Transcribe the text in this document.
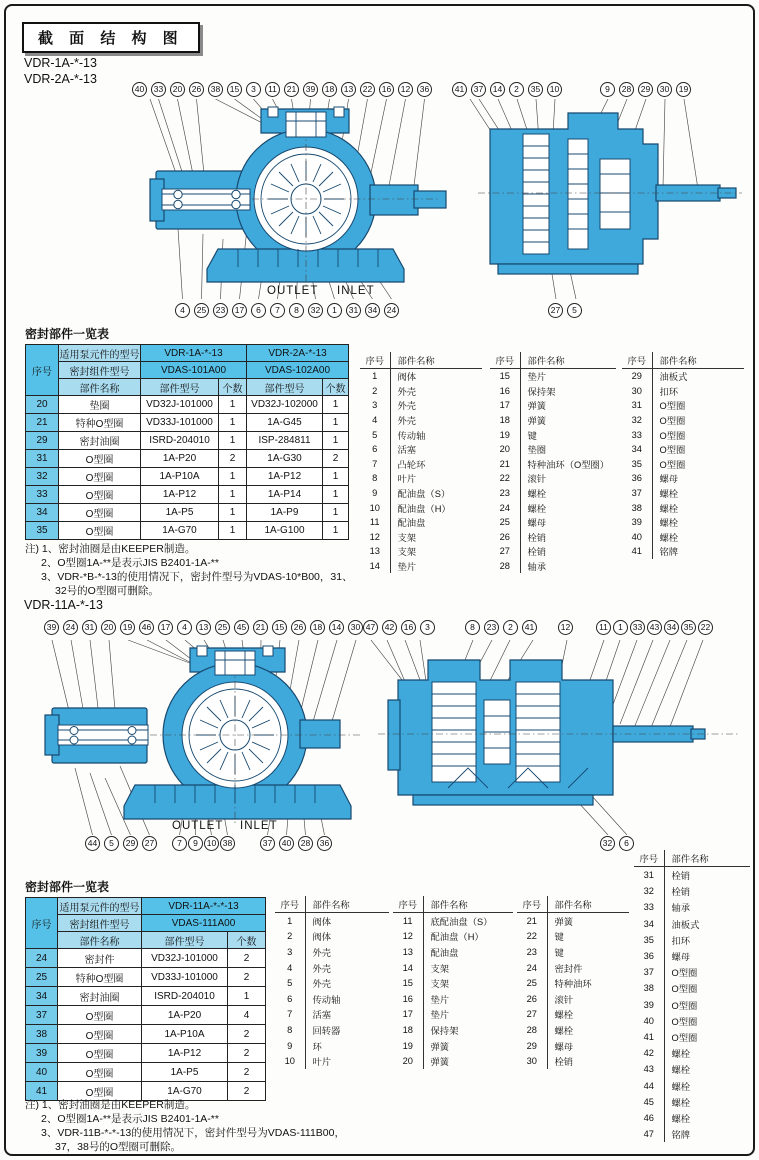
截 面 结 构 图
VDR-1A-*-13
VDR-2A-*-13
40	33	20	26	38	15	3	11	21	39	18	13	22	16	12	36	41	37	14	2	35	10	9	28	29	30	19
4	25	23	17	6	7	8	32	1	31	34	24	27	5
OUTLET INLET
密封部件一览表
序号	适用泵元件的型号	VDR-1A-*-13		VDR-2A-*-13	
	密封组件型号	VDAS-101A00		VDAS-102A00	
	部件名称	部件型号	个数	部件型号	个数
20	垫圈	VD32J-101000	1	VD32J-102000	1
21	特种O型圈	VD33J-101000	1	1A-G45	1
29	密封油圈	ISRD-204010	1	ISP-284811	1
31	O型圈	1A-P20	2	1A-G30	2
32	O型圈	1A-P10A	1	1A-P12	1
33	O型圈	1A-P12	1	1A-P14	1
34	O型圈	1A-P5	1	1A-P9	1
35	O型圈	1A-G70	1	1A-G100	1
序号	部件名称
1	阀体
2	外壳
3	外壳
4	外壳
5	传动轴
6	活塞
7	凸轮环
8	叶片
9	配油盘（S）
10	配油盘（H）
11	配油盘
12	支架
13	支架
14	垫片
序号	部件名称
15	垫片
16	保持架
17	弹簧
18	弹簧
19	键
20	垫圈
21	特种油环（O型圈）
22	滚针
23	螺栓
24	螺栓
25	螺母
26	栓销
27	栓销
28	轴承
序号	部件名称
29	油板式
30	扣环
31	O型圈
32	O型圈
33	O型圈
34	O型圈
35	O型圈
36	螺母
37	螺栓
38	螺栓
39	螺栓
40	螺栓
41	铭牌
注) 1、密封油圈是由KEEPER制造。
2、O型圈1A-**是表示JIS B2401-1A-**
3、VDR-*B-*-13的使用情况下，密封件型号为VDAS-10*B00，31、
32号的O型圈可删除。
VDR-11A-*-13
39	24	31	20	19	46	17	4	13	25	45	21	15	26	18	14	30 47	42	16	3	8	23	2	41	12	11	1	33 43 34 35 22
44	5	29	27	7	9	10 38	37	40	28	36	32	6
OUTLET INLET
密封部件一览表
序号	适用泵元件的型号	VDR-11A-*-*-13	
	密封组件型号	VDAS-111A00	
	部件名称	部件型号	个数
24	密封件	VD32J-101000	2
25	特种O型圈	VD33J-101000	2
34	密封油圈	ISRD-204010	1
37	O型圈	1A-P20	4
38	O型圈	1A-P10A	2
39	O型圈	1A-P12	2
40	O型圈	1A-P5	2
41	O型圈	1A-G70	2
序号	部件名称
1	阀体
2	阀体
3	外壳
4	外壳
5	外壳
6	传动轴
7	活塞
8	回转器
9	环
10	叶片
序号	部件名称
11	底配油盘（S）
12	配油盘（H）
13	配油盘
14	支架
15	支架
16	垫片
17	垫片
18	保持架
19	弹簧
20	弹簧
序号	部件名称
21	弹簧
22	键
23	键
24	密封件
25	特种油环
26	滚针
27	螺栓
28	螺栓
29	螺母
30	栓销
序号	部件名称
31	栓销
32	栓销
33	轴承
34	油板式
35	扣环
36	螺母
37	O型圈
38	O型圈
39	O型圈
40	O型圈
41	O型圈
42	螺栓
43	螺栓
44	螺栓
45	螺栓
46	螺栓
47	铭牌
注) 1、密封油圈是由KEEPER制造。
2、O型圈1A-**是表示JIS B2401-1A-**
3、VDR-11B-*-*-13的使用情况下，密封件型号为VDAS-111B00，
37，38号的O型圈可删除。
